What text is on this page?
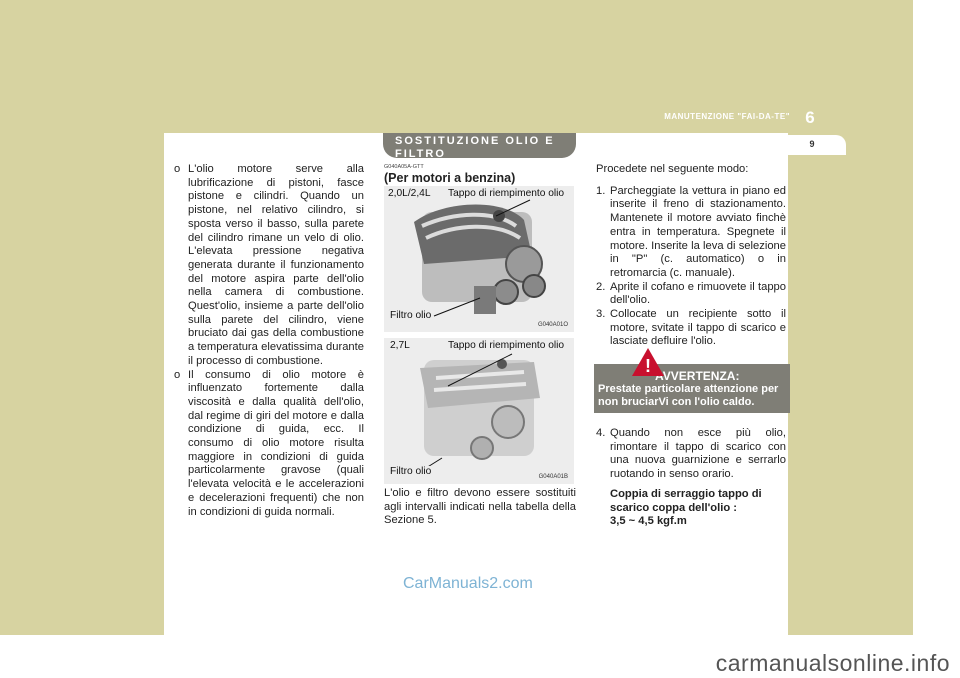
6
MANUTENZIONE "FAI-DA-TE"
9
o L'olio motore serve alla lubrificazione di pistoni, fasce pistone e cilindri. Quando un pistone, nel relativo cilindro, si sposta verso il basso, sulla parete del cilindro rimane un velo di olio. L'elevata pressione negativa generata durante il funzionamento del motore aspira parte dell'olio nella camera di combustione. Quest'olio, insieme a parte dell'olio sulla parete del cilindro, viene bruciato dai gas della combustione a temperatura elevatissima durante il processo di combustione.
o Il consumo di olio motore è influenzato fortemente dalla viscosità e dalla qualità dell'olio, dal regime di giri del motore e dalla condizione di guida, ecc. Il consumo di olio motore risulta maggiore in condizioni di guida particolarmente gravose (quali l'elevata velocità e le accelerazioni e decelerazioni frequenti) che non in condizioni di guida normali.
SOSTITUZIONE OLIO E FILTRO
G040A05A-GTT
(Per motori a benzina)
2,0L/2,4L Tappo di riempimento olio
Filtro olio
G040A01O
2,7L	Tappo di riempimento olio
Filtro olio	G040A01B
L'olio e filtro devono essere sostituiti agli intervalli indicati nella tabella della Sezione 5.

Procedete nel seguente modo:

1. Parcheggiate la vettura in piano ed inserite il freno di stazionamento. Mantenete il motore avviato finchè entra in temperatura. Spegnete il motore. Inserite la leva di selezione in "P" (c. automatico) o in retromarcia (c. manuale).
2. Aprite il cofano e rimuovete il tappo dell'olio.
3. Collocate un recipiente sotto il motore, svitate il tappo di scarico e lasciate defluire l'olio.
AVVERTENZA:
Prestate particolare attenzione per non bruciarVi con l'olio caldo.
!
4. Quando non esce più olio, rimontare il tappo di scarico con una nuova guarnizione e serrarlo ruotando in senso orario.
Coppia di serraggio tappo di scarico coppa dell'olio :
3,5 ~ 4,5 kgf.m
CarManuals2.com
carmanualsonline.info
